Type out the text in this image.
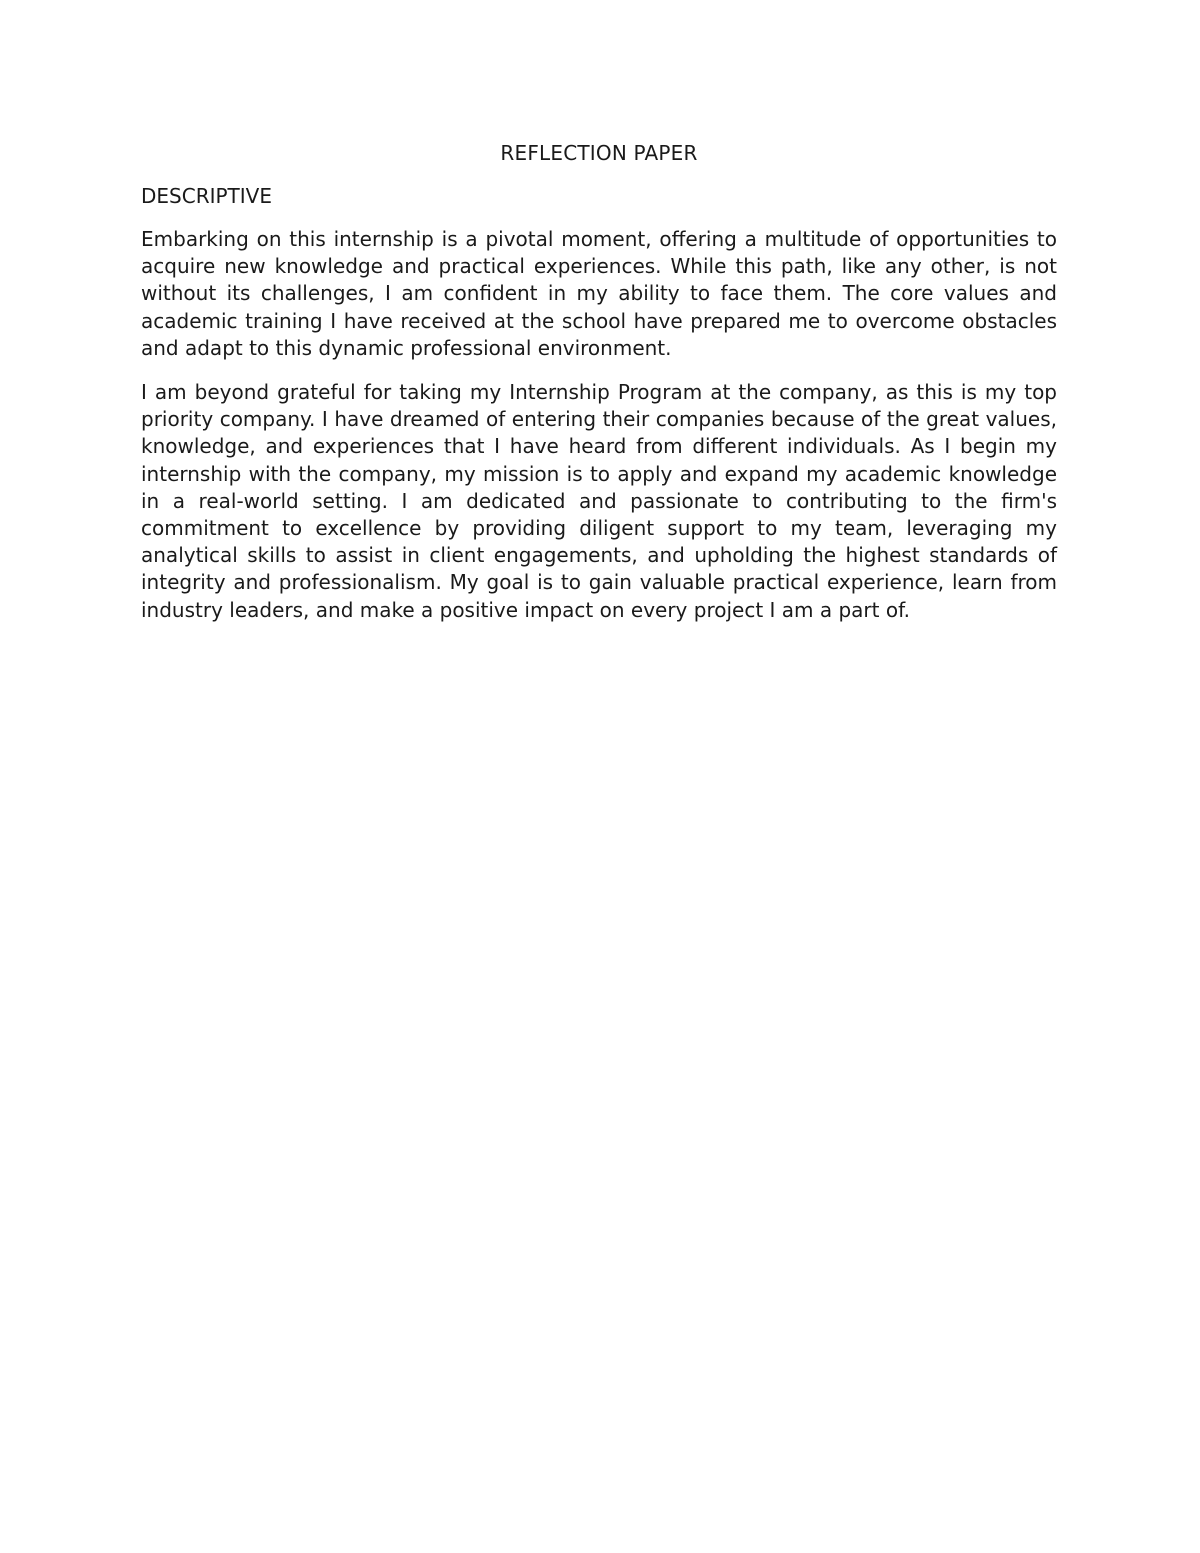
REFLECTION PAPER
DESCRIPTIVE

Embarking on this internship is a pivotal moment, offering a multitude of opportunities to acquire new knowledge and practical experiences. While this path, like any other, is not without its challenges, I am confident in my ability to face them. The core values and academic training I have received at the school have prepared me to overcome obstacles and adapt to this dynamic professional environment.

I am beyond grateful for taking my Internship Program at the company, as this is my top priority company. I have dreamed of entering their companies because of the great values, knowledge, and experiences that I have heard from different individuals. As I begin my internship with the company, my mission is to apply and expand my academic knowledge in a real-world setting. I am dedicated and passionate to contributing to the firm's commitment to excellence by providing diligent support to my team, leveraging my analytical skills to assist in client engagements, and upholding the highest standards of integrity and professionalism. My goal is to gain valuable practical experience, learn from industry leaders, and make a positive impact on every project I am a part of.
